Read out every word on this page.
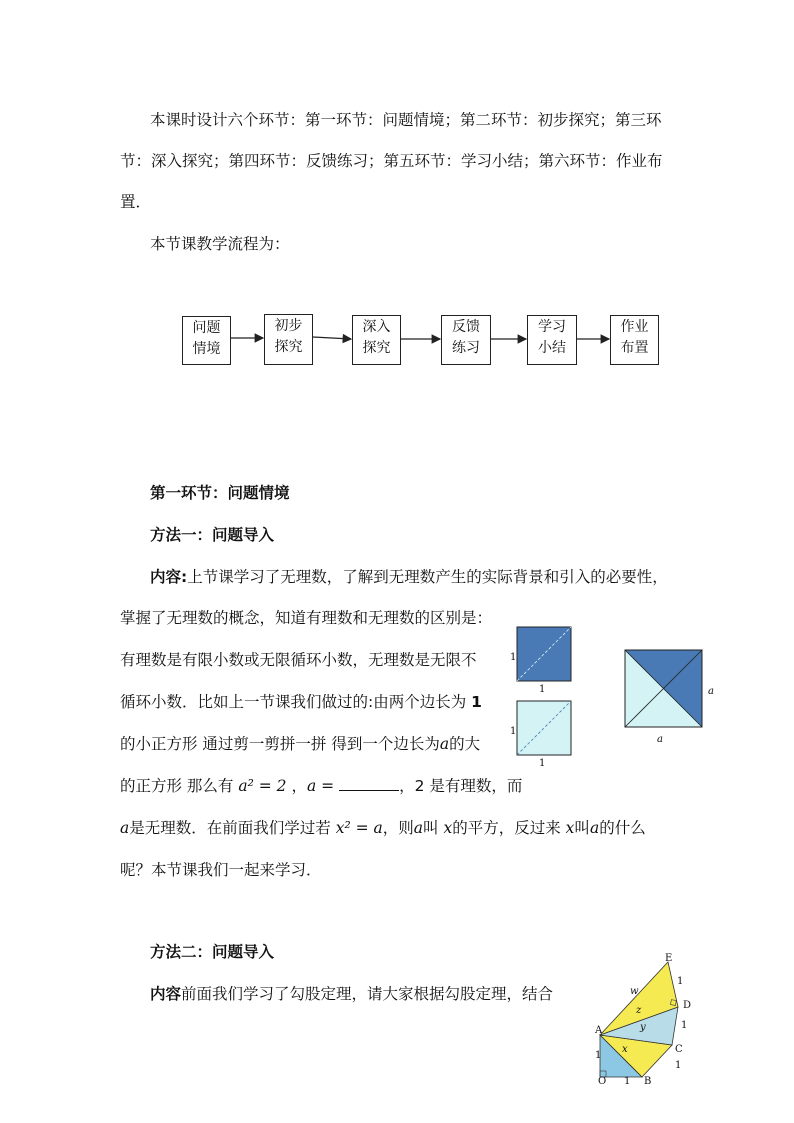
本课时设计六个环节：第一环节：问题情境；第二环节：初步探究；第三环
节：深入探究；第四环节：反馈练习；第五环节：学习小结；第六环节：作业布
置．
本节课教学流程为：
问题
情境
初步
探究
深入
探究
反馈
练习
学习
小结
作业
布置
第一环节：问题情境
方法一：问题导入
内容:上节课学习了无理数，了解到无理数产生的实际背景和引入的必要性，
掌握了无理数的概念，知道有理数和无理数的区别是：
有理数是有限小数或无限循环小数，无理数是无限不
循环小数．比如上一节课我们做过的:由两个边长为 1
的小正方形 通过剪一剪拼一拼 得到一个边长为a的大
的正方形 那么有 a² = 2 ，a =	，2 是有理数，而
a是无理数．在前面我们学过若 x² = a，则a叫 x的平方，反过来 x叫a的什么
呢？本节课我们一起来学习．
1
1
1
1
a
a
方法二：问题导入
内容前面我们学习了勾股定理，请大家根据勾股定理，结合
O	B
A
C
D
E
1
1
1
1
1
x
y
z
w
